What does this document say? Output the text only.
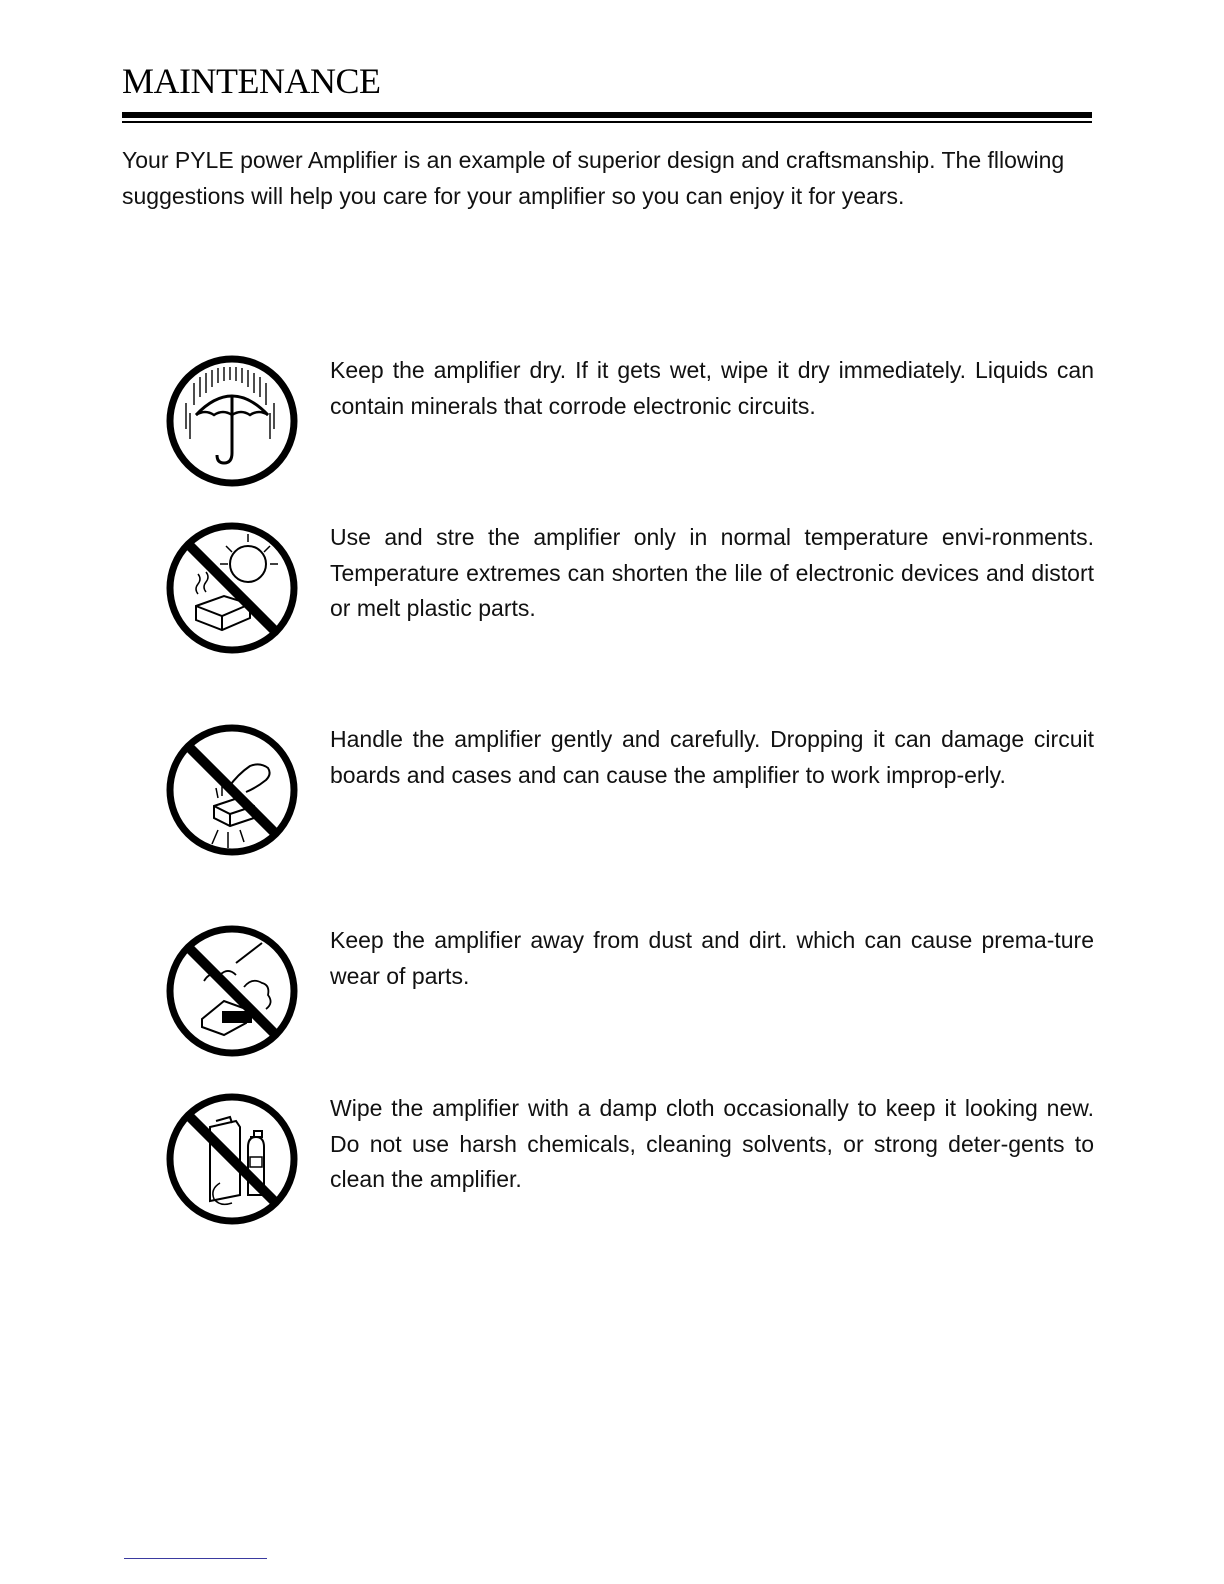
MAINTENANCE

Your PYLE power Amplifier is an example of superior design and craftsmanship. The fllowing suggestions will help you care for your amplifier so you can enjoy it for years.

Keep the amplifier dry. If it gets wet, wipe it dry immediately. Liquids can contain minerals that corrode electronic circuits.

Use and stre the amplifier only in normal temperature envi-ronments. Temperature extremes can shorten the lile of electronic devices and distort or melt plastic parts.

Handle the amplifier gently and carefully. Dropping it can damage circuit boards and cases and can cause the amplifier to work improp-erly.

Keep the amplifier away from dust and dirt. which can cause prema-ture wear of parts.

Wipe the amplifier with a damp cloth occasionally to keep it looking new. Do not use harsh chemicals, cleaning solvents, or strong deter-gents to clean the amplifier.
